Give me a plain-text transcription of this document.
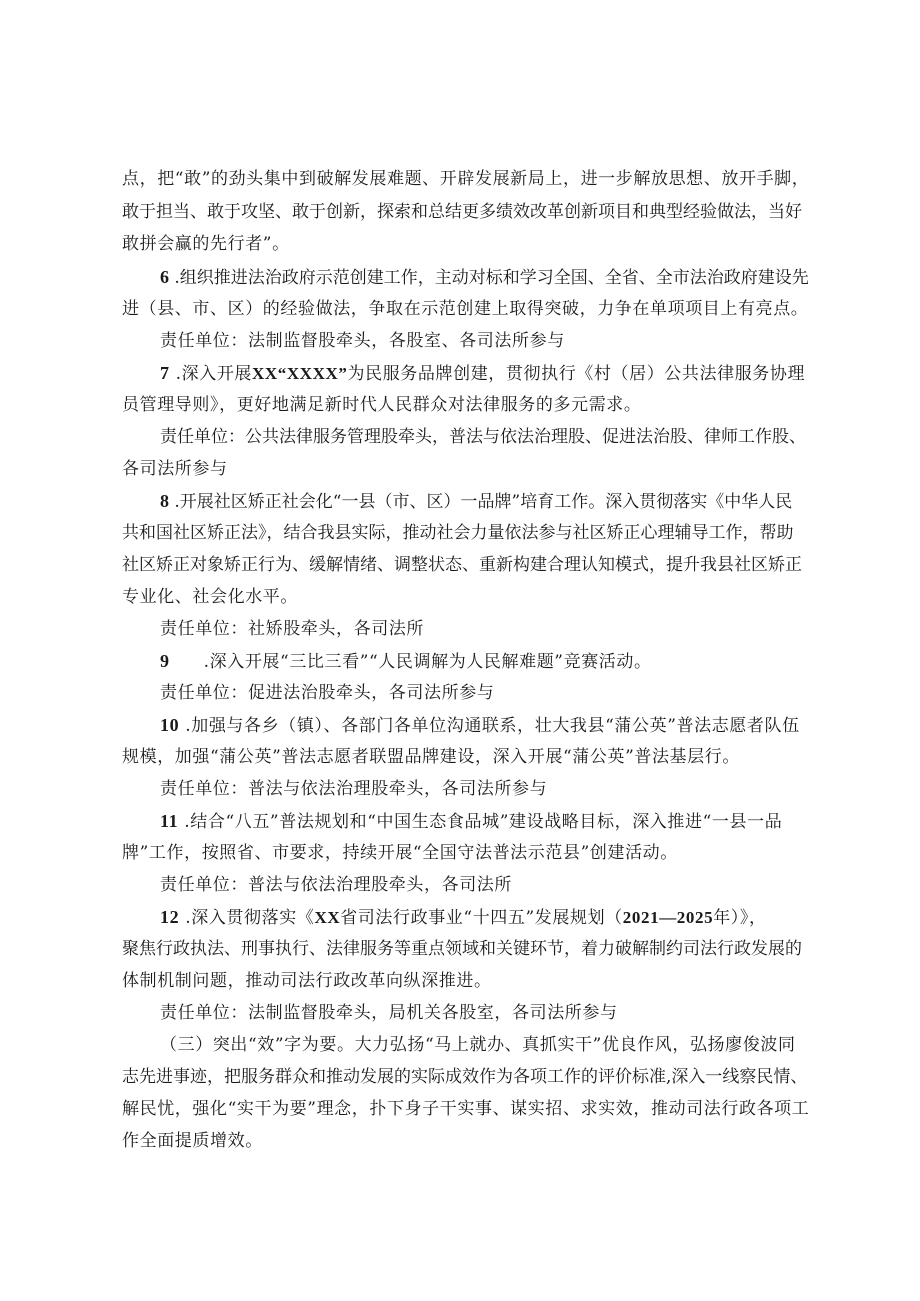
点，把“敢”的劲头集中到破解发展难题、开辟发展新局上，进一步解放思想、放开手脚，
敢于担当、敢于攻坚、敢于创新，探索和总结更多绩效改革创新项目和典型经验做法，当好
敢拼会赢的先行者”。
6 .组织推进法治政府示范创建工作，主动对标和学习全国、全省、全市法治政府建设先
进（县、市、区）的经验做法，争取在示范创建上取得突破，力争在单项项目上有亮点。
责任单位：法制监督股牵头，各股室、各司法所参与
7 .深入开展XX“XXXX”为民服务品牌创建，贯彻执行《村（居）公共法律服务协理
员管理导则》，更好地满足新时代人民群众对法律服务的多元需求。
责任单位：公共法律服务管理股牵头，普法与依法治理股、促进法治股、律师工作股、
各司法所参与
8 .开展社区矫正社会化“一县（市、区）一品牌”培育工作。深入贯彻落实《中华人民
共和国社区矫正法》，结合我县实际，推动社会力量依法参与社区矫正心理辅导工作，帮助
社区矫正对象矫正行为、缓解情绪、调整状态、重新构建合理认知模式，提升我县社区矫正
专业化、社会化水平。
责任单位：社矫股牵头，各司法所
9 .深入开展“三比三看”“人民调解为人民解难题”竞赛活动。
责任单位：促进法治股牵头，各司法所参与
10 .加强与各乡（镇）、各部门各单位沟通联系，壮大我县“蒲公英”普法志愿者队伍
规模，加强“蒲公英”普法志愿者联盟品牌建设，深入开展“蒲公英”普法基层行。
责任单位：普法与依法治理股牵头，各司法所参与
11 .结合“八五”普法规划和“中国生态食品城”建设战略目标，深入推进“一县一品
牌”工作，按照省、市要求，持续开展“全国守法普法示范县”创建活动。
责任单位：普法与依法治理股牵头，各司法所
12 .深入贯彻落实《XX省司法行政事业“十四五”发展规划（2021—2025年）》，
聚焦行政执法、刑事执行、法律服务等重点领域和关键环节，着力破解制约司法行政发展的
体制机制问题，推动司法行政改革向纵深推进。
责任单位：法制监督股牵头，局机关各股室，各司法所参与
（三）突出“效”字为要。大力弘扬“马上就办、真抓实干”优良作风，弘扬廖俊波同
志先进事迹，把服务群众和推动发展的实际成效作为各项工作的评价标准,深入一线察民情、
解民忧，强化“实干为要”理念，扑下身子干实事、谋实招、求实效，推动司法行政各项工
作全面提质增效。
